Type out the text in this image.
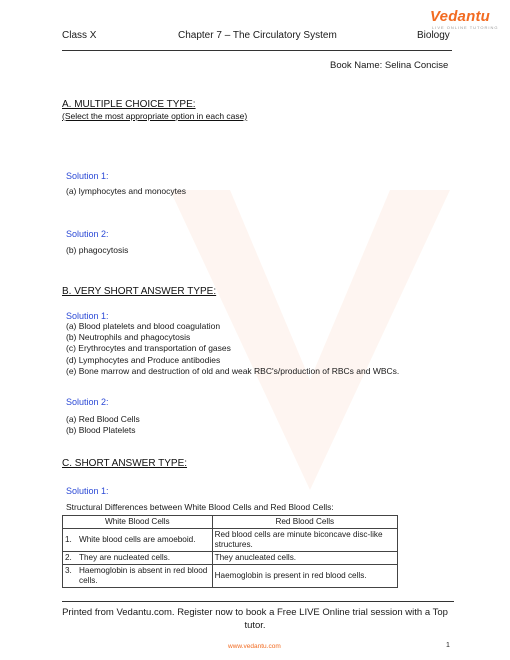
Class X	Chapter 7 – The Circulatory System	Biology
Vedantu
LIVE ONLINE TUTORING
Book Name: Selina Concise
A. MULTIPLE CHOICE TYPE:
(Select the most appropriate option in each case)
Solution 1:
(a) lymphocytes and monocytes
Solution 2:
(b) phagocytosis
B. VERY SHORT ANSWER TYPE:
Solution 1:
(a) Blood platelets and blood coagulation
(b) Neutrophils and phagocytosis
(c) Erythrocytes and transportation of gases
(d) Lymphocytes and Produce antibodies
(e) Bone marrow and destruction of old and weak RBC's/production of RBCs and WBCs.
Solution 2:
(a) Red Blood Cells
(b) Blood Platelets
C. SHORT ANSWER TYPE:
Solution 1:
Structural Differences between White Blood Cells and Red Blood Cells:
White Blood Cells	Red Blood Cells

1. White blood cells are amoeboid.	Red blood cells are minute biconcave disc-like structures.

2. They are nucleated cells.	They anucleated cells.

3. Haemoglobin is absent in red blood cells.	Haemoglobin is present in red blood cells.
Printed from Vedantu.com. Register now to book a Free LIVE Online trial session with a Top tutor.
www.vedantu.com	1
